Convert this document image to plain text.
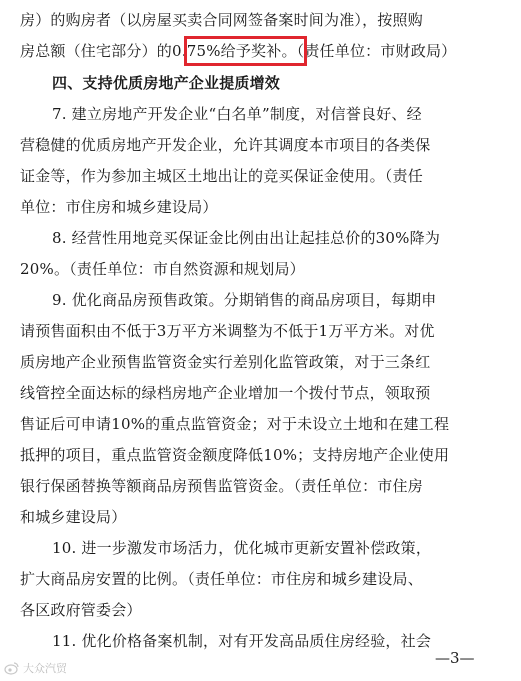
房）的购房者（以房屋买卖合同网签备案时间为准），按照购
房总额（住宅部分）的0.75%给予奖补。（责任单位：市财政局）
四、支持优质房地产企业提质增效
7. 建立房地产开发企业“白名单”制度，对信誉良好、经
营稳健的优质房地产开发企业，允许其调度本市项目的各类保
证金等，作为参加主城区土地出让的竞买保证金使用。（责任
单位：市住房和城乡建设局）
8. 经营性用地竞买保证金比例由出让起挂总价的30%降为
20%。（责任单位：市自然资源和规划局）
9. 优化商品房预售政策。分期销售的商品房项目，每期申
请预售面积由不低于3万平方米调整为不低于1万平方米。对优
质房地产企业预售监管资金实行差别化监管政策，对于三条红
线管控全面达标的绿档房地产企业增加一个拨付节点，领取预
售证后可申请10%的重点监管资金；对于未设立土地和在建工程
抵押的项目，重点监管资金额度降低10%；支持房地产企业使用
银行保函替换等额商品房预售监管资金。（责任单位：市住房
和城乡建设局）
10. 进一步激发市场活力，优化城市更新安置补偿政策，
扩大商品房安置的比例。（责任单位：市住房和城乡建设局、
各区政府管委会）
11. 优化价格备案机制，对有开发高品质住房经验，社会
—3—
大众汽贸
